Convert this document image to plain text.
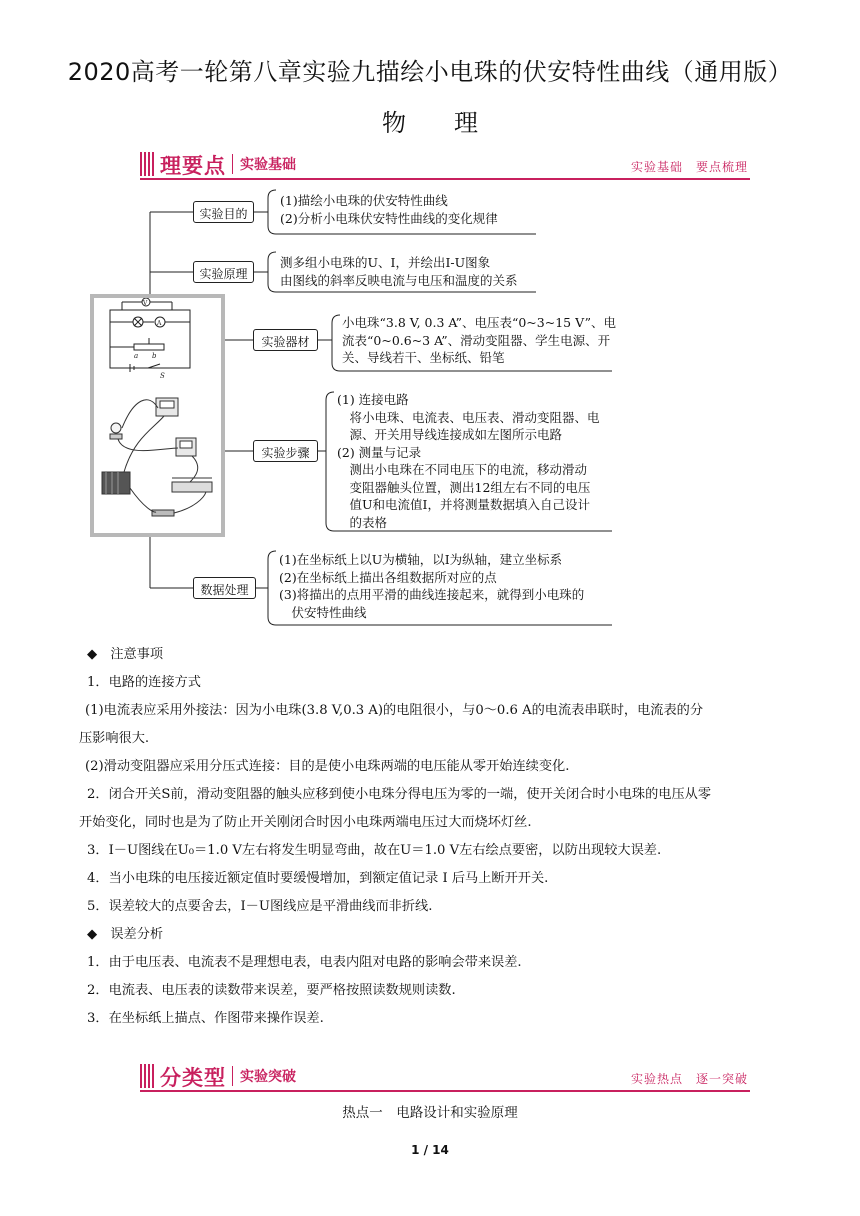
2020高考一轮第八章实验九描绘小电珠的伏安特性曲线（通用版）
物　　理
理要点 实验基础	实验基础　要点梳理
实验目的
实验原理
实验器材
实验步骤
数据处理
(1)描绘小电珠的伏安特性曲线
(2)分析小电珠伏安特性曲线的变化规律
测多组小电珠的U、I，并绘出I-U图象
由图线的斜率反映电流与电压和温度的关系
小电珠“3.8 V, 0.3 A”、电压表“0~3~15 V”、电
流表“0~0.6~3 A”、滑动变阻器、学生电源、开
关、导线若干、坐标纸、铅笔
(1) 连接电路
　将小电珠、电流表、电压表、滑动变阻器、电
　源、开关用导线连接成如左图所示电路
(2) 测量与记录
　测出小电珠在不同电压下的电流，移动滑动
　变阻器触头位置，测出12组左右不同的电压
　值U和电流值I，并将测量数据填入自己设计
　的表格
(1)在坐标纸上以U为横轴，以I为纵轴，建立坐标系
(2)在坐标纸上描出各组数据所对应的点
(3)将描出的点用平滑的曲线连接起来，就得到小电珠的
　伏安特性曲线
V
A
a b
S

◆　注意事项

1．电路的连接方式

(1)电流表应采用外接法：因为小电珠(3.8 V,0.3 A)的电阻很小，与0～0.6 A的电流表串联时，电流表的分

压影响很大.

(2)滑动变阻器应采用分压式连接：目的是使小电珠两端的电压能从零开始连续变化.

2．闭合开关S前，滑动变阻器的触头应移到使小电珠分得电压为零的一端，使开关闭合时小电珠的电压从零

开始变化，同时也是为了防止开关刚闭合时因小电珠两端电压过大而烧坏灯丝.

3．I－U图线在U₀＝1.0 V左右将发生明显弯曲，故在U＝1.0 V左右绘点要密，以防出现较大误差.

4．当小电珠的电压接近额定值时要缓慢增加，到额定值记录 I 后马上断开开关.

5．误差较大的点要舍去，I－U图线应是平滑曲线而非折线.

◆　误差分析

1．由于电压表、电流表不是理想电表，电表内阻对电路的影响会带来误差.

2．电流表、电压表的读数带来误差，要严格按照读数规则读数.

3．在坐标纸上描点、作图带来操作误差.

分类型 实验突破	实验热点　逐一突破
热点一　电路设计和实验原理
1 / 14
